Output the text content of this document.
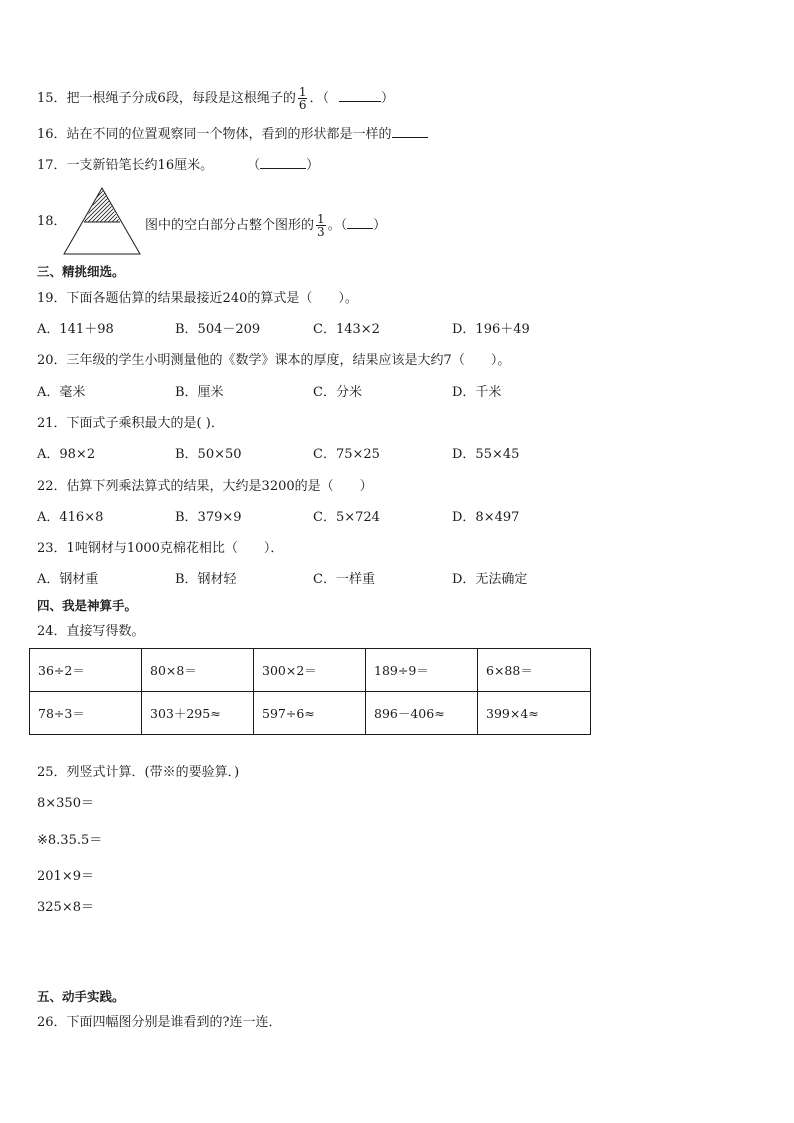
15．把一根绳子分成6段，每段是这根绳子的 $\frac{1}{6}$ ．（	）
16．站在不同的位置观察同一个物体，看到的形状都是一样的
17．一支新铅笔长约16厘米。	（	）
18．	图中的空白部分占整个图形的 $\frac{1}{3}$ 。（ ）
三、精挑细选。
19．下面各题估算的结果最接近240的算式是（　　）。
A．141＋98	B．504－209	C．143×2	D．196＋49
20．三年级的学生小明测量他的《数学》课本的厚度，结果应该是大约7（　　）。
A．毫米	B．厘米	C．分米	D．千米
21．下面式子乘积最大的是( )．
A．98×2	B．50×50	C．75×25	D．55×45
22．估算下列乘法算式的结果，大约是3200的是（　　）
A．416×8	B．379×9	C．5×724	D．8×497
23．1吨钢材与1000克棉花相比（　　）．
A．钢材重	B．钢材轻	C．一样重	D．无法确定
四、我是神算手。
24．直接写得数。
36÷2＝	80×8＝	300×2＝	189÷9＝	6×88＝
78÷3＝	303＋295≈	597÷6≈	896－406≈	399×4≈
25．列竖式计算．(带※的要验算．)
8×350＝
※8.35.5＝
201×9＝
325×8＝
五、动手实践。
26．下面四幅图分别是谁看到的?连一连．
